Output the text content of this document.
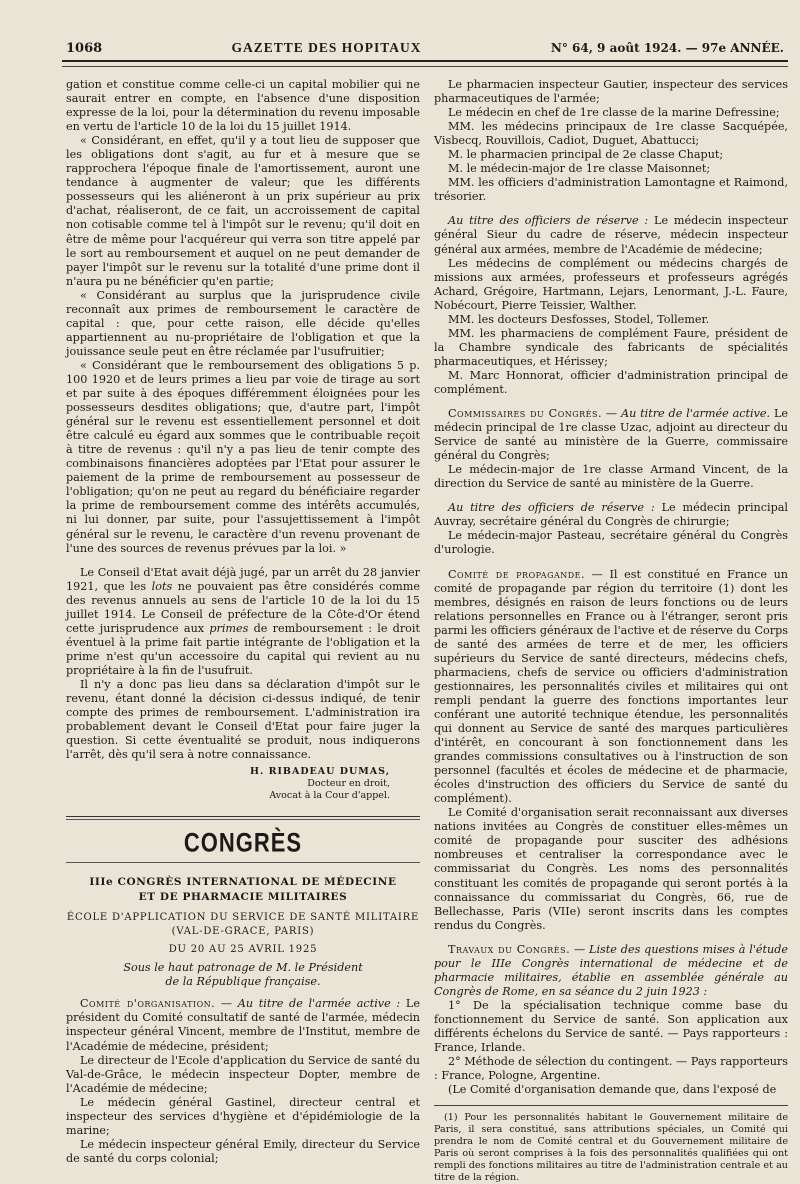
1068	GAZETTE DES HOPITAUX	N° 64, 9 août 1924. — 97e ANNÉE.

gation et constitue comme celle-ci un capital mobilier qui ne saurait entrer en compte, en l'absence d'une disposition expresse de la loi, pour la détermination du revenu imposable en vertu de l'article 10 de la loi du 15 juillet 1914.

« Considérant, en effet, qu'il y a tout lieu de supposer que les obligations dont s'agit, au fur et à mesure que se rapprochera l'époque finale de l'amortissement, auront une tendance à augmenter de valeur; que les différents possesseurs qui les aliéneront à un prix supérieur au prix d'achat, réaliseront, de ce fait, un accroissement de capital non cotisable comme tel à l'impôt sur le revenu; qu'il doit en être de même pour l'acquéreur qui verra son titre appelé par le sort au remboursement et auquel on ne peut demander de payer l'impôt sur le revenu sur la totalité d'une prime dont il n'aura pu ne bénéficier qu'en partie;

« Considérant au surplus que la jurisprudence civile reconnaît aux primes de remboursement le caractère de capital : que, pour cette raison, elle décide qu'elles appartiennent au nu-propriétaire de l'obligation et que la jouissance seule peut en être réclamée par l'usufruitier;

« Considérant que le remboursement des obligations 5 p. 100 1920 et de leurs primes a lieu par voie de tirage au sort et par suite à des époques différemment éloignées pour les possesseurs desdites obligations; que, d'autre part, l'impôt général sur le revenu est essentiellement personnel et doit être calculé eu égard aux sommes que le contribuable reçoit à titre de revenus : qu'il n'y a pas lieu de tenir compte des combinaisons financières adoptées par l'Etat pour assurer le paiement de la prime de remboursement au possesseur de l'obligation; qu'on ne peut au regard du bénéficiaire regarder la prime de remboursement comme des intérêts accumulés, ni lui donner, par suite, pour l'assujettissement à l'impôt général sur le revenu, le caractère d'un revenu provenant de l'une des sources de revenus prévues par la loi. »

Le Conseil d'Etat avait déjà jugé, par un arrêt du 28 janvier 1921, que les lots ne pouvaient pas être considérés comme des revenus annuels au sens de l'article 10 de la loi du 15 juillet 1914. Le Conseil de préfecture de la Côte-d'Or étend cette jurisprudence aux primes de remboursement : le droit éventuel à la prime fait partie intégrante de l'obligation et la prime n'est qu'un accessoire du capital qui revient au nu propriétaire à la fin de l'usufruit.

Il n'y a donc pas lieu dans sa déclaration d'impôt sur le revenu, étant donné la décision ci-dessus indiqué, de tenir compte des primes de remboursement. L'administration ira probablement devant le Conseil d'Etat pour faire juger la question. Si cette éventualité se produit, nous indiquerons l'arrêt, dès qu'il sera à notre connaissance.

H. RIBADEAU DUMAS,
Docteur en droit,
Avocat à la Cour d'appel.
CONGRÈS

IIIe CONGRÈS INTERNATIONAL DE MÉDECINE

ET DE PHARMACIE MILITAIRES

ÉCOLE D'APPLICATION DU SERVICE DE SANTÉ MILITAIRE

(VAL-DE-GRACE, PARIS)

DU 20 AU 25 AVRIL 1925

Sous le haut patronage de M. le Président

de la République française.

Comité d'organisation. — Au titre de l'armée active : Le président du Comité consultatif de santé de l'armée, médecin inspecteur général Vincent, membre de l'Institut, membre de l'Académie de médecine, président;

Le directeur de l'Ecole d'application du Service de santé du Val-de-Grâce, le médecin inspecteur Dopter, membre de l'Académie de médecine;

Le médecin général Gastinel, directeur central et inspecteur des services d'hygiène et d'épidémiologie de la marine;

Le médecin inspecteur général Emily, directeur du Service de santé du corps colonial;

Le pharmacien inspecteur Gautier, inspecteur des services pharmaceutiques de l'armée;

Le médecin en chef de 1re classe de la marine Defressine;

MM. les médecins principaux de 1re classe Sacquépée, Visbecq, Rouvillois, Cadiot, Duguet, Abattucci;

M. le pharmacien principal de 2e classe Chaput;

M. le médecin-major de 1re classe Maisonnet;

MM. les officiers d'administration Lamontagne et Raimond, trésorier.

Au titre des officiers de réserve : Le médecin inspecteur général Sieur du cadre de réserve, médecin inspecteur général aux armées, membre de l'Académie de médecine;

Les médecins de complément ou médecins chargés de missions aux armées, professeurs et professeurs agrégés Achard, Grégoire, Hartmann, Lejars, Lenormant, J.-L. Faure, Nobécourt, Pierre Teissier, Walther.

MM. les docteurs Desfosses, Stodel, Tollemer.

MM. les pharmaciens de complément Faure, président de la Chambre syndicale des fabricants de spécialités pharmaceutiques, et Hérissey;

M. Marc Honnorat, officier d'administration principal de complément.

Commissaires du Congrès. — Au titre de l'armée active. Le médecin principal de 1re classe Uzac, adjoint au directeur du Service de santé au ministère de la Guerre, commissaire général du Congrès;

Le médecin-major de 1re classe Armand Vincent, de la direction du Service de santé au ministère de la Guerre.

Au titre des officiers de réserve : Le médecin principal Auvray, secrétaire général du Congrès de chirurgie;

Le médecin-major Pasteau, secrétaire général du Congrès d'urologie.

Comité de propagande. — Il est constitué en France un comité de propagande par région du territoire (1) dont les membres, désignés en raison de leurs fonctions ou de leurs relations personnelles en France ou à l'étranger, seront pris parmi les officiers généraux de l'active et de réserve du Corps de santé des armées de terre et de mer, les officiers supérieurs du Service de santé directeurs, médecins chefs, pharmaciens, chefs de service ou officiers d'administration gestionnaires, les personnalités civiles et militaires qui ont rempli pendant la guerre des fonctions importantes leur conférant une autorité technique étendue, les personnalités qui donnent au Service de santé des marques particulières d'intérêt, en concourant à son fonctionnement dans les grandes commissions consultatives ou à l'instruction de son personnel (facultés et écoles de médecine et de pharmacie, écoles d'instruction des officiers du Service de santé du complément).

Le Comité d'organisation serait reconnaissant aux diverses nations invitées au Congrès de constituer elles-mêmes un comité de propagande pour susciter des adhésions nombreuses et centraliser la correspondance avec le commissariat du Congrès. Les noms des personnalités constituant les comités de propagande qui seront portés à la connaissance du commissariat du Congrès, 66, rue de Bellechasse, Paris (VIIe) seront inscrits dans les comptes rendus du Congrès.

Travaux du Congrès. — Liste des questions mises à l'étude pour le IIIe Congrès international de médecine et de pharmacie militaires, établie en assemblée générale au Congrès de Rome, en sa séance du 2 juin 1923 :

1° De la spécialisation technique comme base du fonctionnement du Service de santé. Son application aux différents échelons du Service de santé. — Pays rapporteurs : France, Irlande.

2° Méthode de sélection du contingent. — Pays rapporteurs : France, Pologne, Argentine.

(Le Comité d'organisation demande que, dans l'exposé de

(1) Pour les personnalités habitant le Gouvernement militaire de Paris, il sera constitué, sans attributions spéciales, un Comité qui prendra le nom de Comité central et du Gouvernement militaire de Paris où seront comprises à la fois des personnalités qualifiées qui ont rempli des fonctions militaires au titre de l'administration centrale et au titre de la région.
